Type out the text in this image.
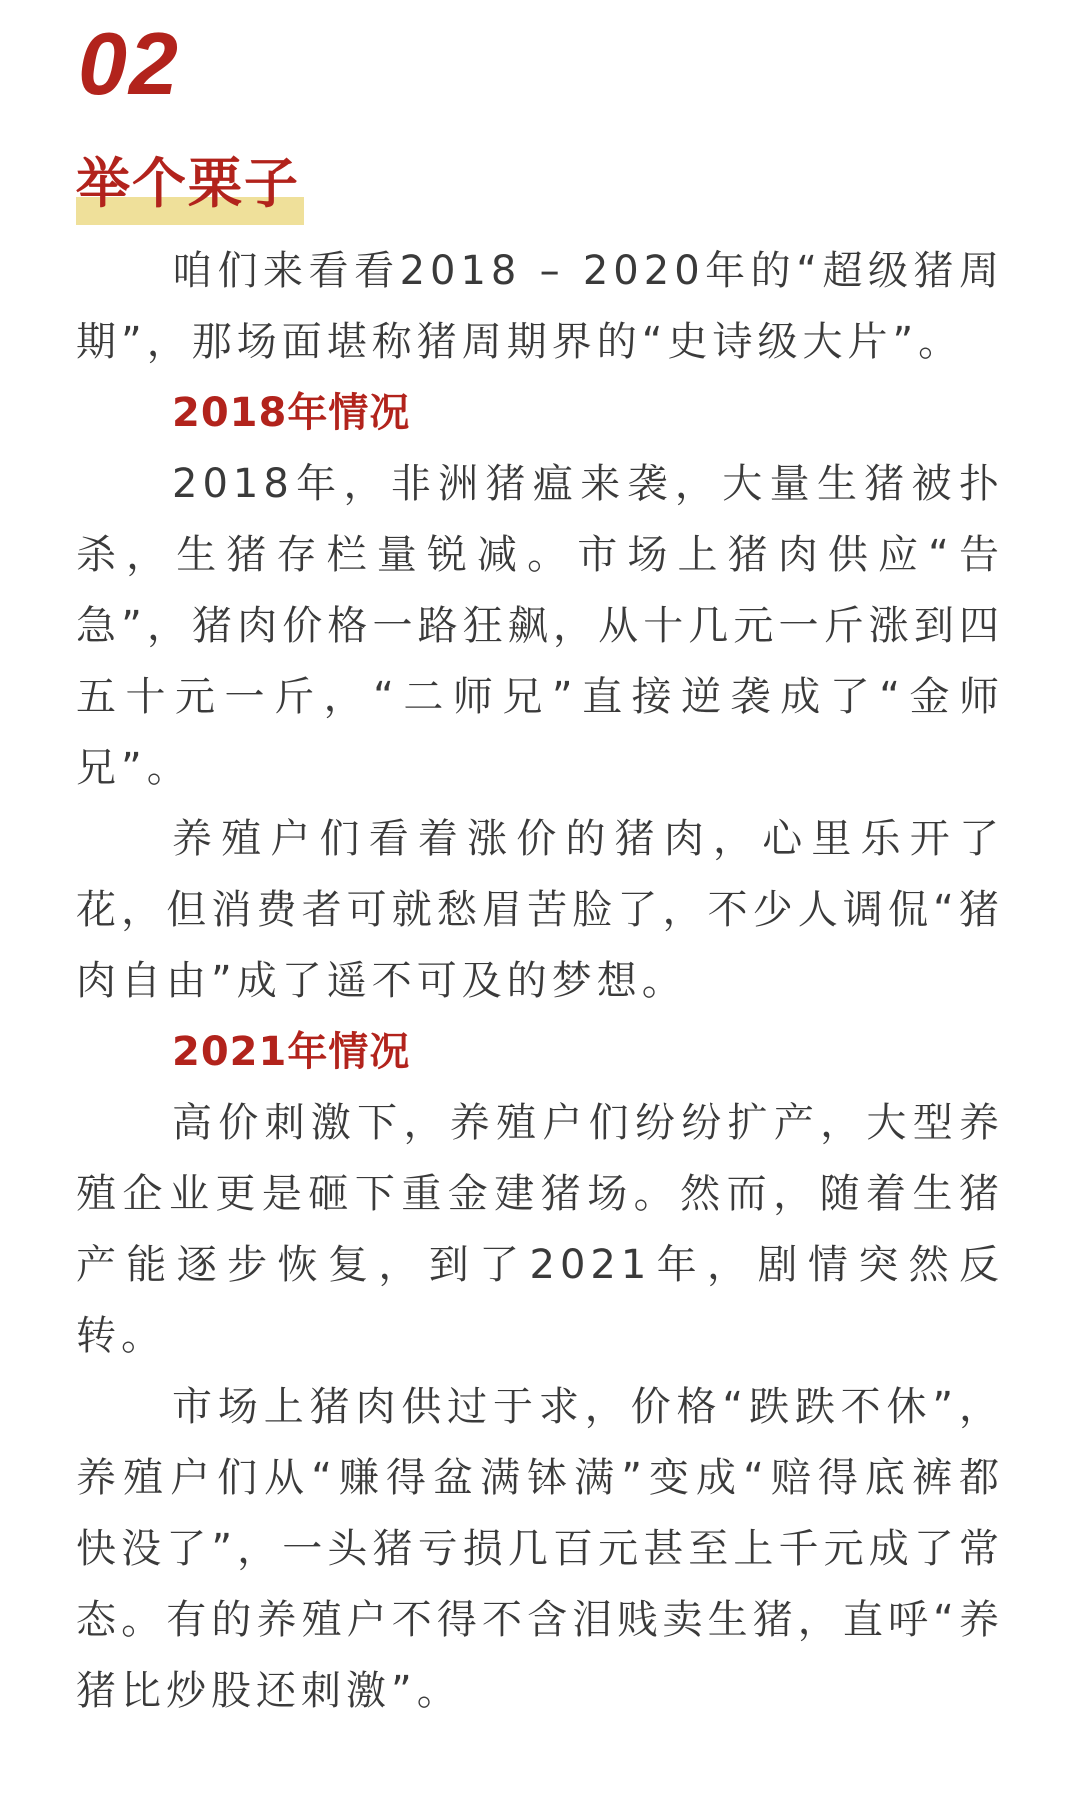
02
举个栗子

咱们来看看2018 – 2020年的“超级猪周期”，那场面堪称猪周期界的“史诗级大片”。

2018年情况

2018年，非洲猪瘟来袭，大量生猪被扑杀，生猪存栏量锐减。市场上猪肉供应“告急”，猪肉价格一路狂飙，从十几元一斤涨到四五十元一斤，“二师兄”直接逆袭成了“金师兄”。

养殖户们看着涨价的猪肉，心里乐开了花，但消费者可就愁眉苦脸了，不少人调侃“猪肉自由”成了遥不可及的梦想。

2021年情况

高价刺激下，养殖户们纷纷扩产，大型养殖企业更是砸下重金建猪场。然而，随着生猪产能逐步恢复，到了2021年，剧情突然反转。

市场上猪肉供过于求，价格“跌跌不休”，养殖户们从“赚得盆满钵满”变成“赔得底裤都快没了”，一头猪亏损几百元甚至上千元成了常态。有的养殖户不得不含泪贱卖生猪，直呼“养猪比炒股还刺激”。
